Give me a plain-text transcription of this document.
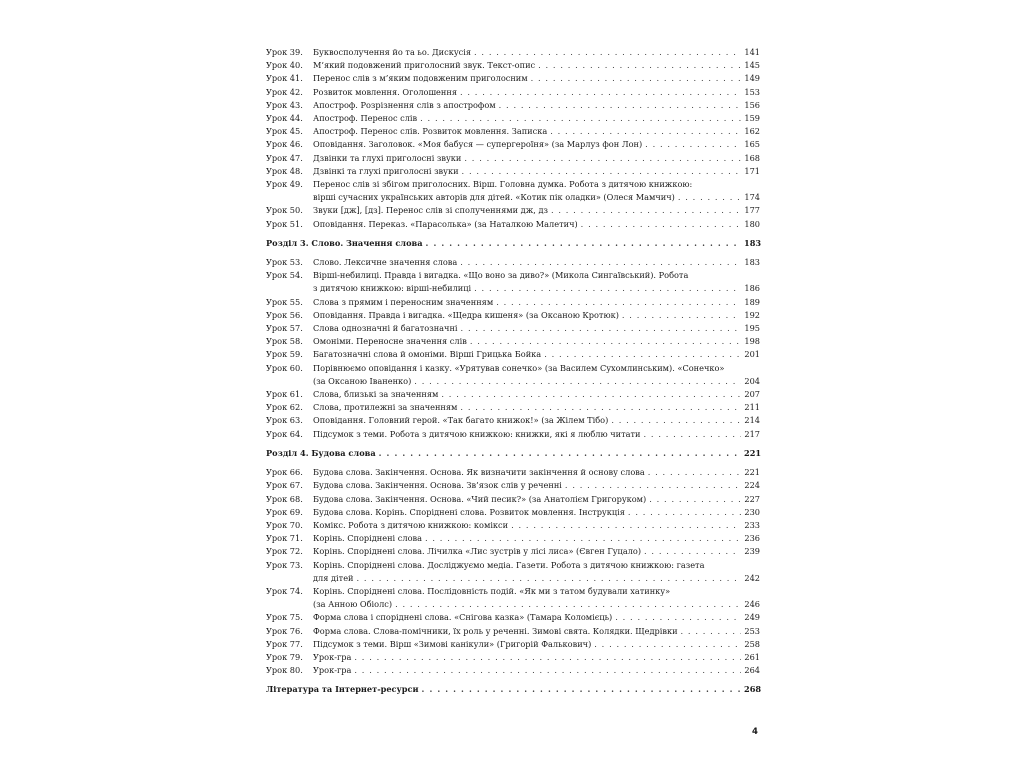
Урок 39.	Буквосполучення йо та ьо. Дискусія . . .	141
Урок 40.	М’який подовжений приголосний звук. Текст-опис . . .	145
Урок 41.	Перенос слів з м’яким подовженим приголосним . . .	149
Урок 42.	Розвиток мовлення. Оголошення . . .	153
Урок 43.	Апостроф. Розрізнення слів з апострофом . . .	156
Урок 44.	Апостроф. Перенос слів . . .	159
Урок 45.	Апостроф. Перенос слів. Розвиток мовлення. Записка . . .	162
Урок 46.	Оповідання. Заголовок. «Моя бабуся — супергероїня» (за Марлуз фон Лон) . . .	165
Урок 47.	Дзвінки та глухі приголосні звуки . . .	168
Урок 48.	Дзвінкі та глухі приголосні звуки . . .	171
Урок 49.	Перенос слів зі збігом приголосних. Вірш. Головна думка. Робота з дитячою книжкою:
вірші сучасних українських авторів для дітей. «Котик пік оладки» (Олеся Мамчич) . . .	174
Урок 50.	Звуки [дж], [дз]. Перенос слів зі сполученнями дж, дз . . .	177
Урок 51.	Оповідання. Переказ. «Парасолька» (за Наталкою Малетич) . . .	180
Розділ 3. Слово. Значення слова . . .	183
Урок 53.	Слово. Лексичне значення слова . . .	183
Урок 54.	Вірші-небилиці. Правда і вигадка. «Що воно за диво?» (Микола Сингаївський). Робота
з дитячою книжкою: вірші-небилиці . . .	186
Урок 55.	Слова з прямим і переносним значенням . . .	189
Урок 56.	Оповідання. Правда і вигадка. «Щедра кишеня» (за Оксаною Кротюк) . . .	192
Урок 57.	Слова однозначні й багатозначні . . .	195
Урок 58.	Омоніми. Переносне значення слів . . .	198
Урок 59.	Багатозначні слова й омоніми. Вірші Грицька Бойка . . .	201
Урок 60.	Порівнюємо оповідання і казку. «Урятував сонечко» (за Василем Сухомлинським). «Сонечко»
(за Оксаною Іваненко) . . .	204
Урок 61.	Слова, близькі за значенням . . .	207
Урок 62.	Слова, протилежні за значенням . . .	211
Урок 63.	Оповідання. Головний герой. «Так багато книжок!» (за Жілем Тібо) . . .	214
Урок 64.	Підсумок з теми. Робота з дитячою книжкою: книжки, які я люблю читати . . .	217
Розділ 4. Будова слова . . .	221
Урок 66.	Будова слова. Закінчення. Основа. Як визначити закінчення й основу слова . . .	221
Урок 67.	Будова слова. Закінчення. Основа. Зв’язок слів у реченні . . .	224
Урок 68.	Будова слова. Закінчення. Основа. «Чий песик?» (за Анатолієм Григоруком) . . .	227
Урок 69.	Будова слова. Корінь. Споріднені слова. Розвиток мовлення. Інструкція . . .	230
Урок 70.	Комікс. Робота з дитячою книжкою: комікси . . .	233
Урок 71.	Корінь. Споріднені слова . . .	236
Урок 72.	Корінь. Споріднені слова. Лічилка «Лис зустрів у лісі лиса» (Євген Гуцало) . . .	239
Урок 73.	Корінь. Споріднені слова. Досліджуємо медіа. Газети. Робота з дитячою книжкою: газета
для дітей . . .	242
Урок 74.	Корінь. Споріднені слова. Послідовність подій. «Як ми з татом будували хатинку»
(за Анною Обіолс) . . .	246
Урок 75.	Форма слова і споріднені слова. «Снігова казка» (Тамара Коломієць) . . .	249
Урок 76.	Форма слова. Слова-помічники, їх роль у реченні. Зимові свята. Колядки. Щедрівки . . .	253
Урок 77.	Підсумок з теми. Вірш «Зимові канікули» (Григорій Фалькович) . . .	258
Урок 79.	Урок-гра . . .	261
Урок 80.	Урок-гра . . .	264
Література та Інтернет-ресурси . . .	268
4
